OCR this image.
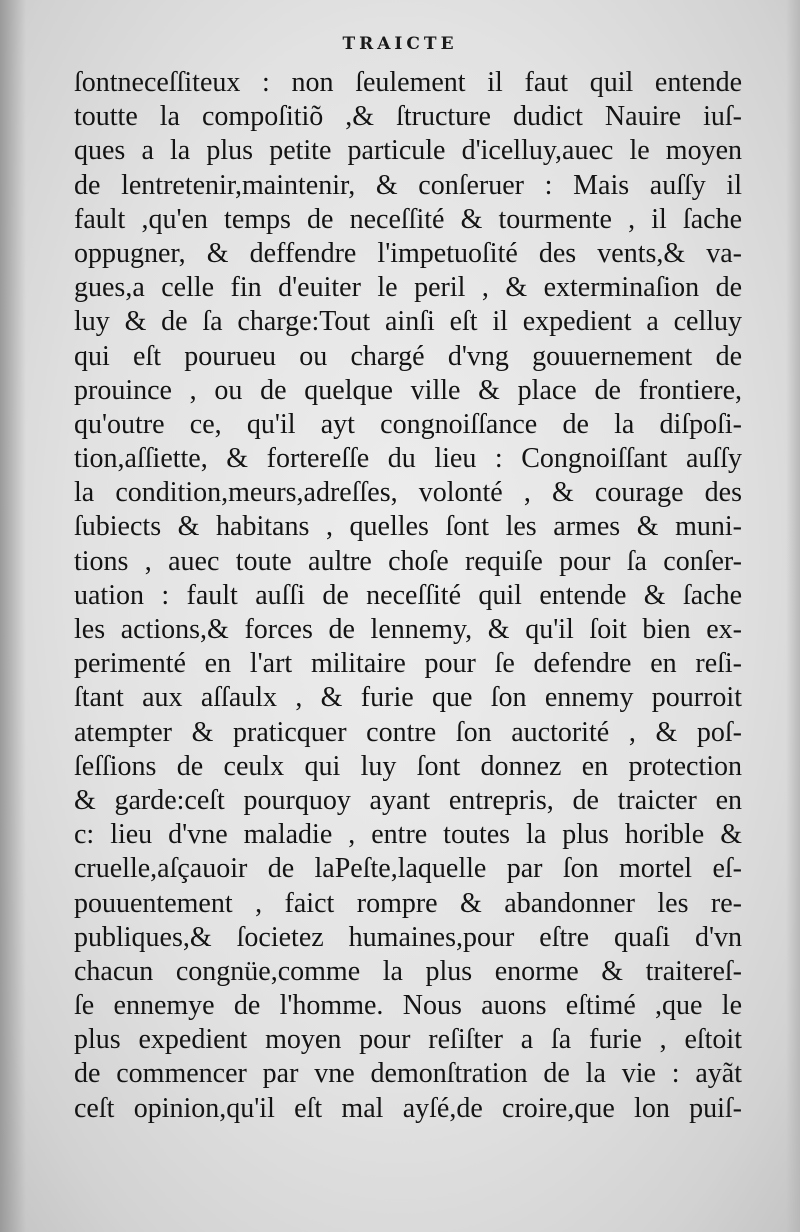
TRAICTE
ſontneceſſiteux : non ſeulement il faut quil entende
toutte la compoſitiõ ,& ſtructure dudict Nauire iuſ-
ques a la plus petite particule d'icelluy,auec le moyen
de lentretenir,maintenir, & conſeruer : Mais auſſy il
fault ,qu'en temps de neceſſité & tourmente , il ſache
oppugner, & deffendre l'impetuoſité des vents,& va-
gues,a celle fin d'euiter le peril , & exterminaſion de
luy & de ſa charge:Tout ainſi eſt il expedient a celluy
qui eſt pourueu ou chargé d'vng gouuernement de
prouince , ou de quelque ville & place de frontiere,
qu'outre ce, qu'il ayt congnoiſſance de la diſpoſi-
tion,aſſiette, & forterеſſe du lieu : Congnoiſſant auſſy
la condition,meurs,adreſſes, volonté , & courage des
ſubiects & habitans , quelles ſont les armes & muni-
tions , auec toute aultre choſe requiſe pour ſa conſer-
uation : fault auſſi de neceſſité quil entende & ſache
les actions,& forces de lennemy, & qu'il ſoit bien ex-
perimenté en l'art militaire pour ſe defendre en reſi-
ſtant aux aſſaulx , & furie que ſon ennemy pourroit
atempter & praticquer contre ſon auctorité , & poſ-
ſeſſions de ceulx qui luy ſont donnez en protection
& garde:ceſt pourquoy ayant entrepris, de traicter en
c: lieu d'vne maladie , entre toutes la plus horible &
cruelle,aſçauoir de laPeſte,laquelle par ſon mortel eſ-
pouuentement , faict rompre & abandonner les re-
publiques,& ſocietez humaines,pour eſtre quaſi d'vn
chacun congnüe,comme la plus enorme & traitereſ-
ſe ennemye de l'homme. Nous auons eſtimé ,que le
plus expedient moyen pour reſiſter a ſa furie , eſtoit
de commencer par vne demonſtration de la vie : ayãt
ceſt opinion,qu'il eſt mal ayſé,de croire,que lon puiſ-
